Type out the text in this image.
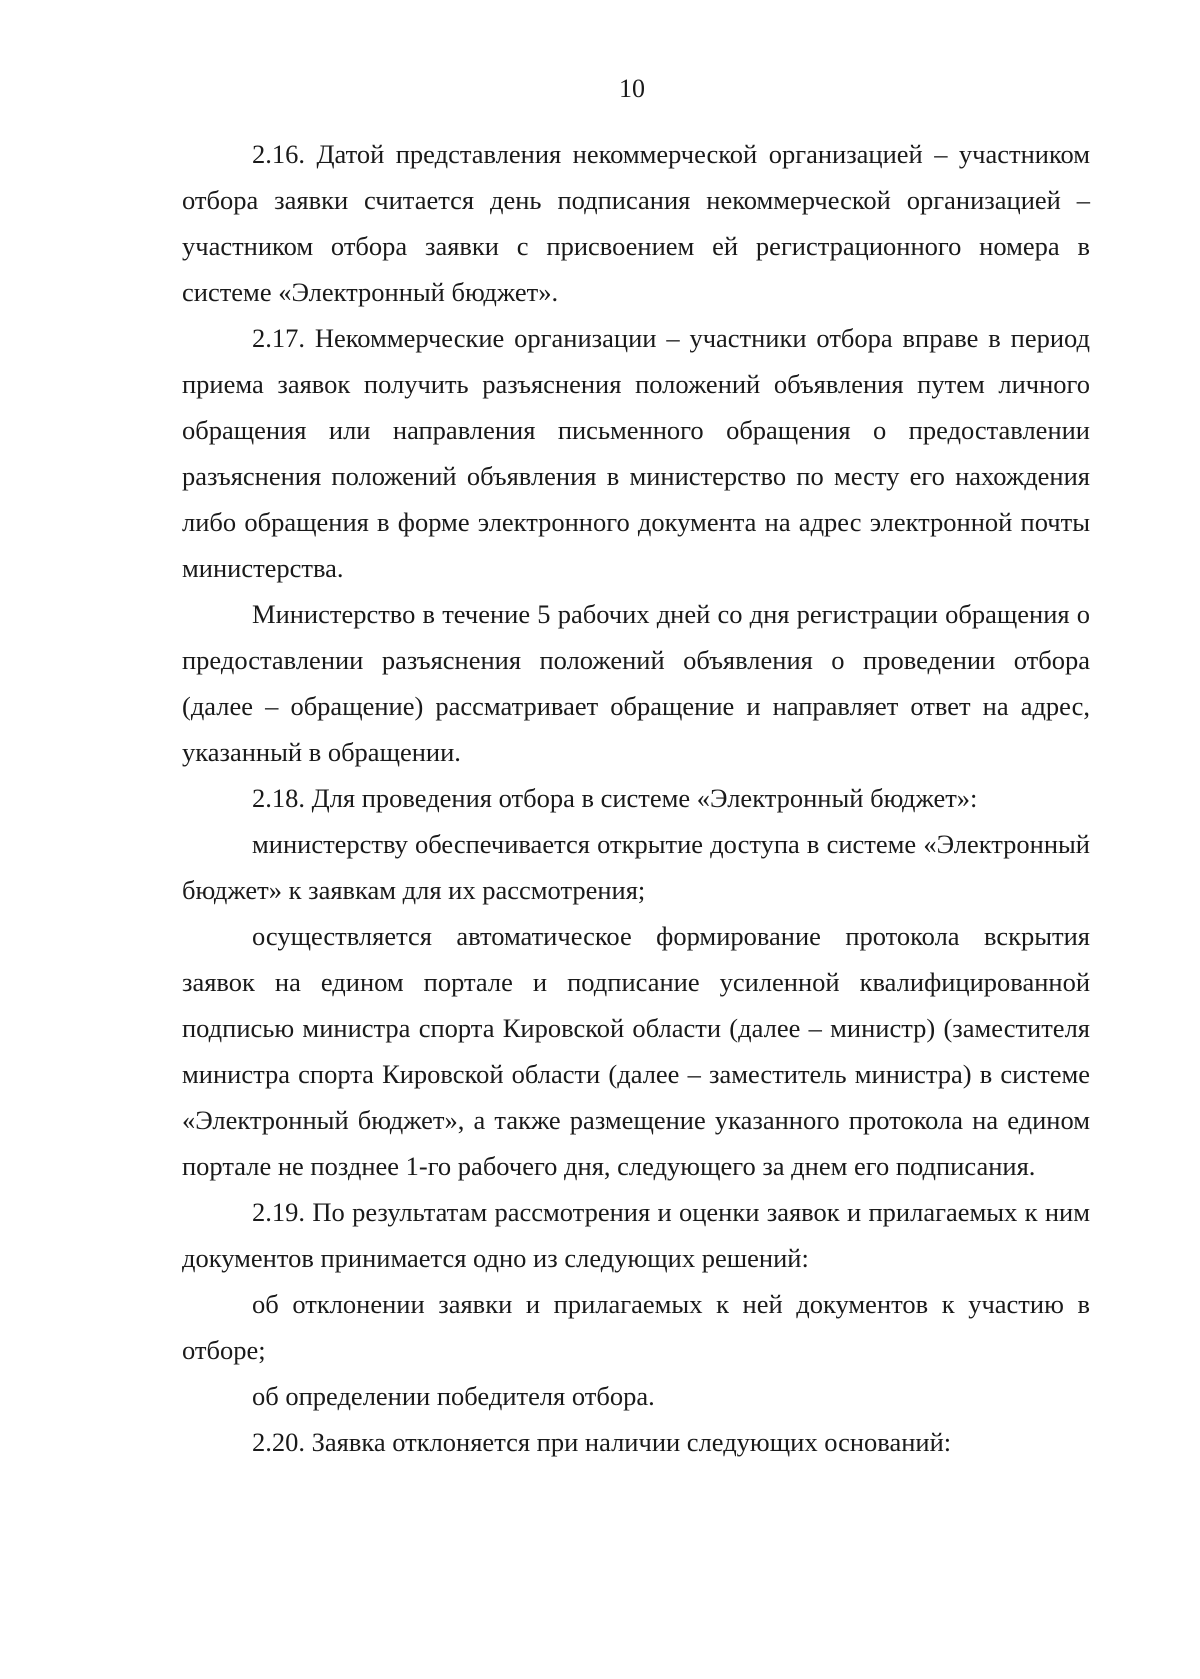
10

2.16. Датой представления некоммерческой организацией – участником отбора заявки считается день подписания некоммерческой организацией – участником отбора заявки с присвоением ей регистрационного номера в системе «Электронный бюджет».

2.17. Некоммерческие организации – участники отбора вправе в период приема заявок получить разъяснения положений объявления путем личного обращения или направления письменного обращения о предоставлении разъяснения положений объявления в министерство по месту его нахождения либо обращения в форме электронного документа на адрес электронной почты министерства.

Министерство в течение 5 рабочих дней со дня регистрации обращения о предоставлении разъяснения положений объявления о проведении отбора (далее – обращение) рассматривает обращение и направляет ответ на адрес, указанный в обращении.

2.18. Для проведения отбора в системе «Электронный бюджет»:

министерству обеспечивается открытие доступа в системе «Электронный бюджет» к заявкам для их рассмотрения;

осуществляется автоматическое формирование протокола вскрытия заявок на едином портале и подписание усиленной квалифицированной подписью министра спорта Кировской области (далее – министр) (заместителя министра спорта Кировской области (далее – заместитель министра) в системе «Электронный бюджет», а также размещение указанного протокола на едином портале не позднее 1-го рабочего дня, следующего за днем его подписания.

2.19. По результатам рассмотрения и оценки заявок и прилагаемых к ним документов принимается одно из следующих решений:

об отклонении заявки и прилагаемых к ней документов к участию в отборе;

об определении победителя отбора.

2.20. Заявка отклоняется при наличии следующих оснований:
